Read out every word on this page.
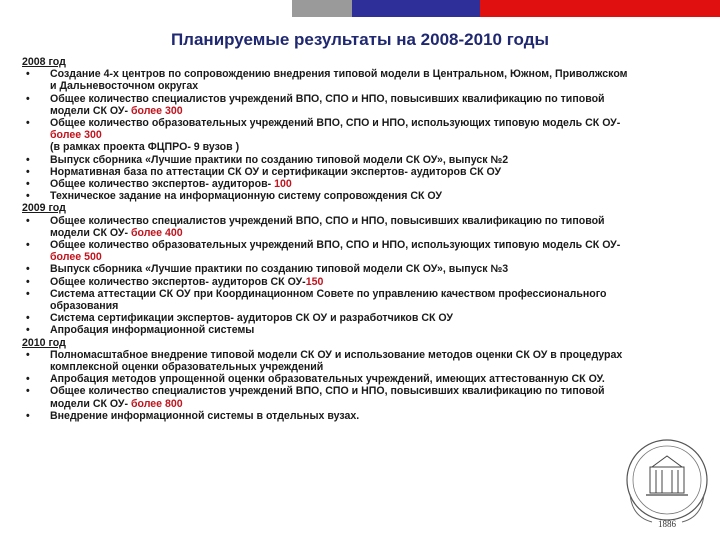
Планируемые результаты на 2008-2010 годы
2008 год
• Создание 4-х центров по сопровождению внедрения типовой модели в Центральном, Южном, Приволжском и Дальневосточном округах
• Общее количество специалистов учреждений ВПО, СПО и НПО, повысивших квалификацию по типовой модели СК ОУ- более 300
• Общее количество образовательных учреждений ВПО, СПО и НПО, использующих типовую модель СК ОУ- более 300
(в рамках проекта ФЦПРО- 9 вузов )
• Выпуск сборника «Лучшие практики по созданию типовой модели СК ОУ», выпуск №2
• Нормативная база по аттестации СК ОУ и сертификации экспертов- аудиторов СК ОУ
• Общее количество экспертов- аудиторов- 100
• Техническое задание на информационную систему сопровождения СК ОУ
2009 год
• Общее количество специалистов учреждений ВПО, СПО и НПО, повысивших квалификацию по типовой модели СК ОУ- более 400
• Общее количество образовательных учреждений ВПО, СПО и НПО, использующих типовую модель СК ОУ- более 500
• Выпуск сборника «Лучшие практики по созданию типовой модели СК ОУ», выпуск №3
• Общее количество экспертов- аудиторов СК ОУ-150
• Система аттестации СК ОУ при Координационном Совете по управлению качеством профессионального образования
• Система сертификации экспертов- аудиторов СК ОУ и разработчиков СК ОУ
• Апробация информационной системы
2010 год
• Полномасштабное внедрение типовой модели СК ОУ и использование методов оценки СК ОУ в процедурах комплексной оценки образовательных учреждений
• Апробация методов упрощенной оценки образовательных учреждений, имеющих аттестованную СК ОУ.
• Общее количество специалистов учреждений ВПО, СПО и НПО, повысивших квалификацию по типовой модели СК ОУ- более 800
• Внедрение информационной системы в отдельных вузах.
1886
